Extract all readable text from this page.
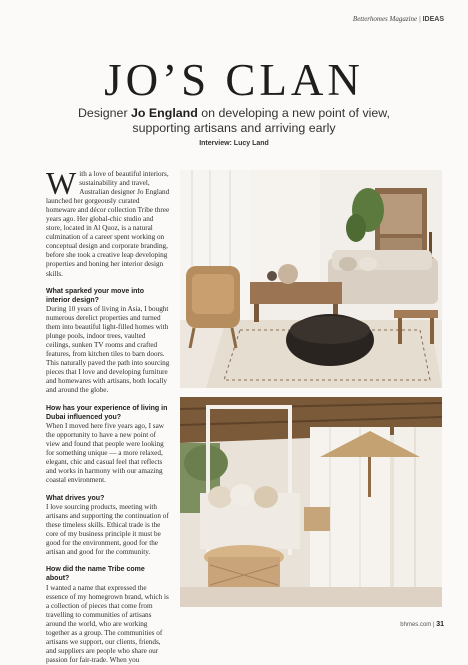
Betterhomes Magazine | IDEAS
JO’S CLAN
Designer Jo England on developing a new point of view, supporting artisans and arriving early
Interview: Lucy Land

With a love of beautiful interiors, sustainability and travel, Australian designer Jo England launched her gorgeously curated homeware and décor collection Tribe three years ago. Her global-chic studio and store, located in Al Quoz, is a natural culmination of a career spent working on conceptual design and corporate branding, before she took a creative leap developing properties and honing her interior design skills.

What sparked your move into interior design?
During 10 years of living in Asia, I bought numerous derelict properties and turned them into beautiful light-filled homes with plunge pools, indoor trees, vaulted ceilings, sunken TV rooms and crafted features, from kitchen tiles to barn doors. This naturally paved the path into sourcing pieces that I love and developing furniture and homewares with artisans, both locally and around the globe.

How has your experience of living in Dubai influenced you?
When I moved here five years ago, I saw the opportunity to have a new point of view and found that people were looking for something unique — a more relaxed, elegant, chic and casual feel that reflects and works in harmony with our amazing coastal environment.

What drives you?
I love sourcing products, meeting with artisans and supporting the continuation of these timeless skills. Ethical trade is the core of my business principle it must be good for the environment, good for the artisan and good for the community.

How did the name Tribe come about?
I wanted a name that expressed the essence of my homegrown brand, which is a collection of pieces that come from travelling to communities of artisans around the world, who are working together as a group. The communities of artisans we support, our clients, friends, and suppliers are people who share our passion for fair-trade. When you

bhmes.com | 31
